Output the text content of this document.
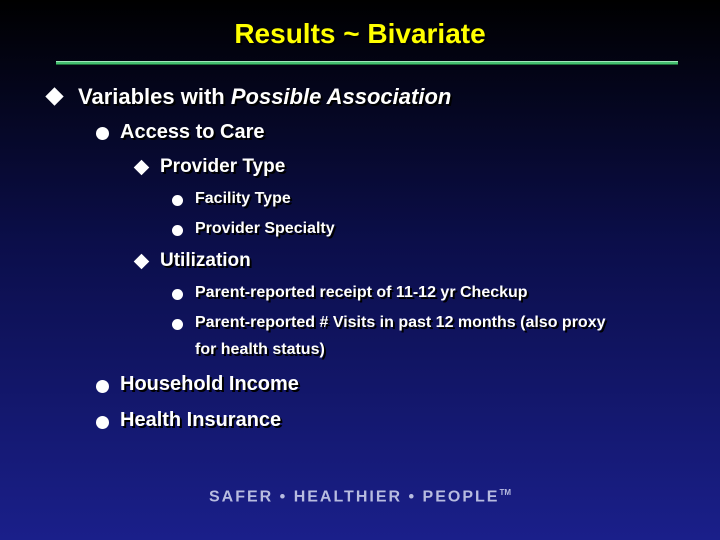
Results ~ Bivariate
Variables with Possible Association
Access to Care
Provider Type
Facility Type
Provider Specialty
Utilization
Parent-reported receipt of 11-12 yr Checkup
Parent-reported # Visits in past 12 months (also proxy
for health status)
Household Income
Health Insurance
SAFER • HEALTHIER • PEOPLE™
